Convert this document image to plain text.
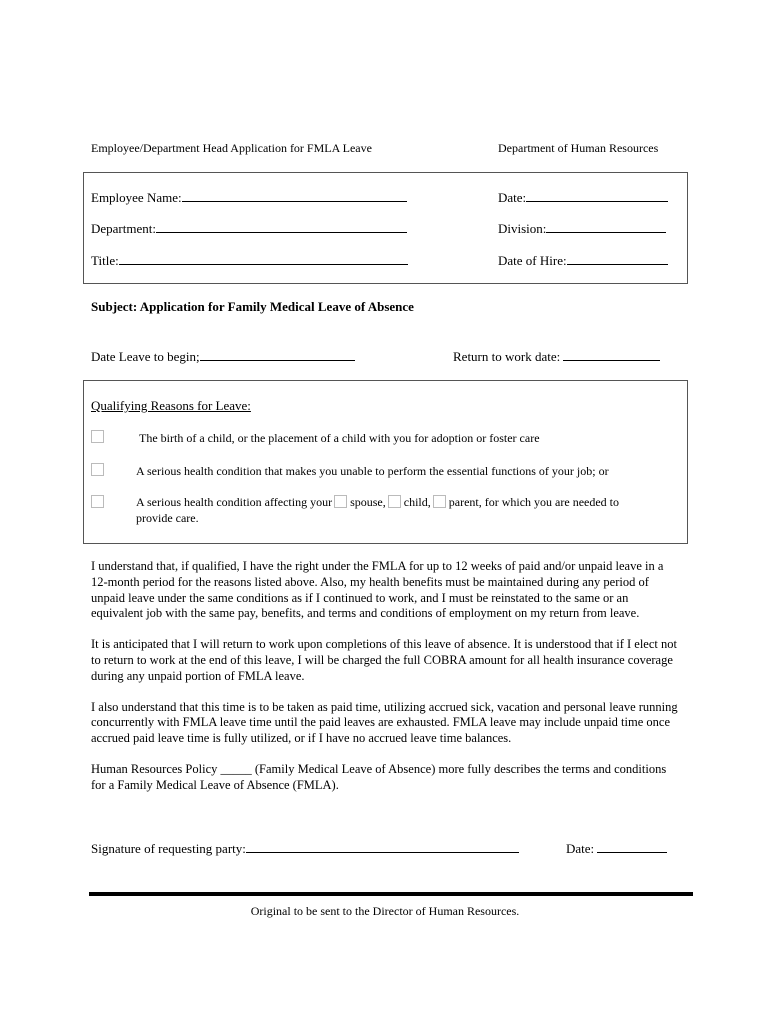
Employee/Department Head Application for FMLA Leave	Department of Human Resources
Employee Name:	Date:
Department:	Division:
Title:	Date of Hire:
Subject: Application for Family Medical Leave of Absence
Date Leave to begin;	Return to work date:
Qualifying Reasons for Leave:
The birth of a child, or the placement of a child with you for adoption or foster care
A serious health condition that makes you unable to perform the essential functions of your job; or
A serious health condition affecting your spouse, child, parent, for which you are needed to
provide care.

I understand that, if qualified, I have the right under the FMLA for up to 12 weeks of paid and/or unpaid leave in a 12-month period for the reasons listed above. Also, my health benefits must be maintained during any period of unpaid leave under the same conditions as if I continued to work, and I must be reinstated to the same or an equivalent job with the same pay, benefits, and terms and conditions of employment on my return from leave.

It is anticipated that I will return to work upon completions of this leave of absence. It is understood that if I elect not to return to work at the end of this leave, I will be charged the full COBRA amount for all health insurance coverage during any unpaid portion of FMLA leave.

I also understand that this time is to be taken as paid time, utilizing accrued sick, vacation and personal leave running concurrently with FMLA leave time until the paid leaves are exhausted. FMLA leave may include unpaid time once accrued paid leave time is fully utilized, or if I have no accrued leave time balances.

Human Resources Policy _____ (Family Medical Leave of Absence) more fully describes the terms and conditions for a Family Medical Leave of Absence (FMLA).

Signature of requesting party:	Date:
Original to be sent to the Director of Human Resources.
